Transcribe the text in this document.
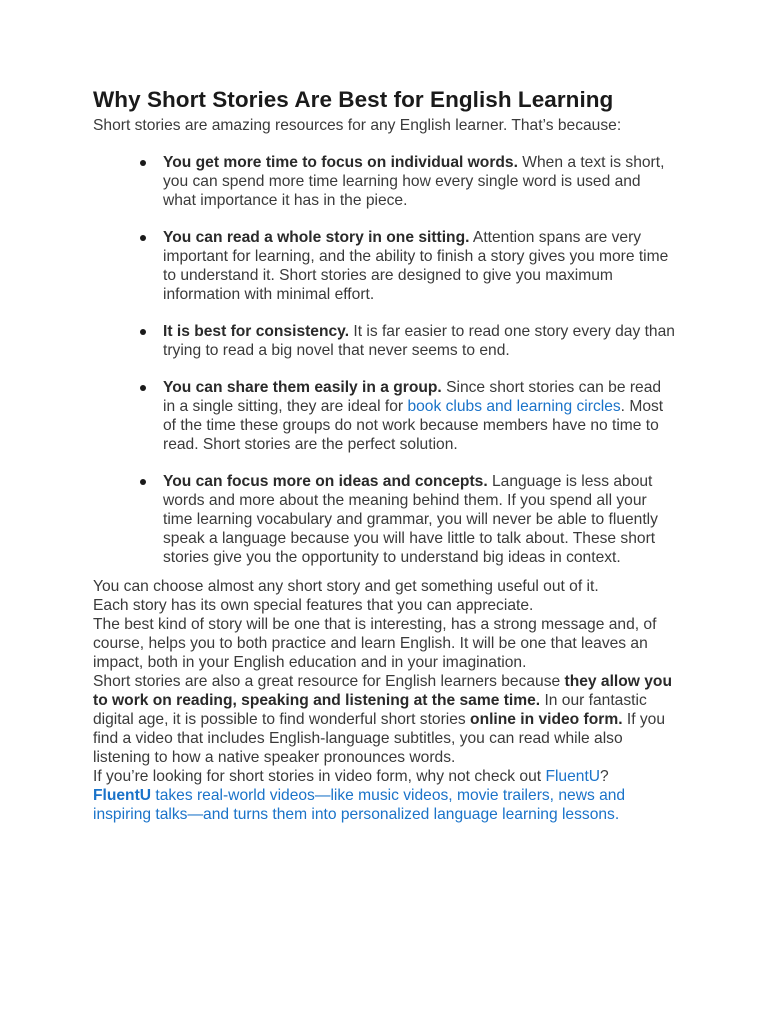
Why Short Stories Are Best for English Learning

Short stories are amazing resources for any English learner. That’s because:

You get more time to focus on individual words. When a text is short, you can spend more time learning how every single word is used and what importance it has in the piece.
You can read a whole story in one sitting. Attention spans are very important for learning, and the ability to finish a story gives you more time to understand it. Short stories are designed to give you maximum information with minimal effort.
It is best for consistency. It is far easier to read one story every day than trying to read a big novel that never seems to end.
You can share them easily in a group. Since short stories can be read in a single sitting, they are ideal for book clubs and learning circles. Most of the time these groups do not work because members have no time to read. Short stories are the perfect solution.
You can focus more on ideas and concepts. Language is less about words and more about the meaning behind them. If you spend all your time learning vocabulary and grammar, you will never be able to fluently speak a language because you will have little to talk about. These short stories give you the opportunity to understand big ideas in context.

You can choose almost any short story and get something useful out of it.

Each story has its own special features that you can appreciate.

The best kind of story will be one that is interesting, has a strong message and, of course, helps you to both practice and learn English. It will be one that leaves an impact, both in your English education and in your imagination.

Short stories are also a great resource for English learners because they allow you to work on reading, speaking and listening at the same time. In our fantastic digital age, it is possible to find wonderful short stories online in video form. If you find a video that includes English-language subtitles, you can read while also listening to how a native speaker pronounces words.

If you’re looking for short stories in video form, why not check out FluentU?

FluentU takes real-world videos—like music videos, movie trailers, news and inspiring talks—and turns them into personalized language learning lessons.
